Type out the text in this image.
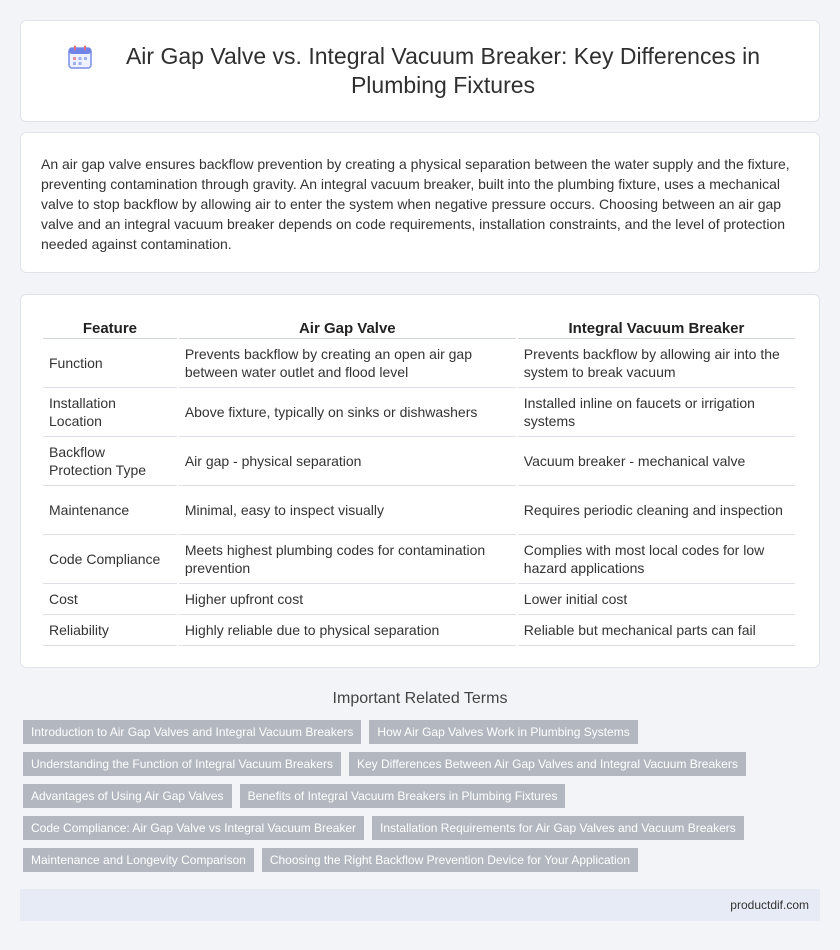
Air Gap Valve vs. Integral Vacuum Breaker: Key Differences in Plumbing Fixtures

An air gap valve ensures backflow prevention by creating a physical separation between the water supply and the fixture, preventing contamination through gravity. An integral vacuum breaker, built into the plumbing fixture, uses a mechanical valve to stop backflow by allowing air to enter the system when negative pressure occurs. Choosing between an air gap valve and an integral vacuum breaker depends on code requirements, installation constraints, and the level of protection needed against contamination.

Feature	Air Gap Valve	Integral Vacuum Breaker
Function	Prevents backflow by creating an open air gap between water outlet and flood level	Prevents backflow by allowing air into the system to break vacuum
Installation Location	Above fixture, typically on sinks or dishwashers	Installed inline on faucets or irrigation systems
Backflow Protection Type	Air gap - physical separation	Vacuum breaker - mechanical valve
Maintenance	Minimal, easy to inspect visually	Requires periodic cleaning and inspection
Code Compliance	Meets highest plumbing codes for contamination prevention	Complies with most local codes for low hazard applications
Cost	Higher upfront cost	Lower initial cost
Reliability	Highly reliable due to physical separation	Reliable but mechanical parts can fail
Important Related Terms
Introduction to Air Gap Valves and Integral Vacuum Breakers	How Air Gap Valves Work in Plumbing Systems
Understanding the Function of Integral Vacuum Breakers	Key Differences Between Air Gap Valves and Integral Vacuum Breakers
Advantages of Using Air Gap Valves	Benefits of Integral Vacuum Breakers in Plumbing Fixtures
Code Compliance: Air Gap Valve vs Integral Vacuum Breaker	Installation Requirements for Air Gap Valves and Vacuum Breakers
Maintenance and Longevity Comparison	Choosing the Right Backflow Prevention Device for Your Application
productdif.com
